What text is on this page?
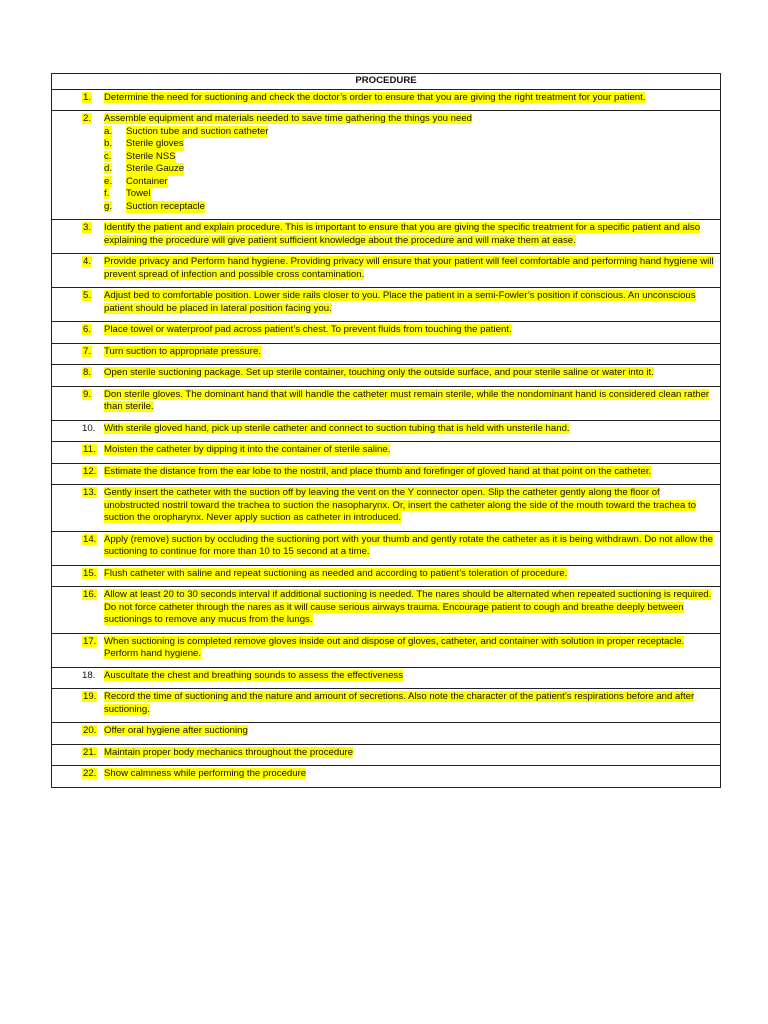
PROCEDURE

1.	Determine the need for suctioning and check the doctor’s order to ensure that you are giving the right treatment for your patient.

2.	Assemble equipment and materials needed to save time gathering the things you need
a.	Suction tube and suction catheter
b.	Sterile gloves
c.	Sterile NSS
d.	Sterile Gauze
e.	Container
f.	Towel
g.	Suction receptacle

3.	Identify the patient and explain procedure. This is important to ensure that you are giving the specific treatment for a specific patient and also explaining the procedure will give patient sufficient knowledge about the procedure and will make them at ease.

4.	Provide privacy and Perform hand hygiene. Providing privacy will ensure that your patient will feel comfortable and performing hand hygiene will prevent spread of infection and possible cross contamination.

5.	Adjust bed to comfortable position. Lower side rails closer to you. Place the patient in a semi-Fowler’s position if conscious. An unconscious patient should be placed in lateral position facing you.

6.	Place towel or waterproof pad across patient’s chest. To prevent fluids from touching the patient.

7.	Turn suction to appropriate pressure.

8.	Open sterile suctioning package. Set up sterile container, touching only the outside surface, and pour sterile saline or water into it.

9.	Don sterile gloves. The dominant hand that will handle the catheter must remain sterile, while the nondominant hand is considered clean rather than sterile.

10. With sterile gloved hand, pick up sterile catheter and connect to suction tubing that is held with unsterile hand.

11. Moisten the catheter by dipping it into the container of sterile saline.

12. Estimate the distance from the ear lobe to the nostril, and place thumb and forefinger of gloved hand at that point on the catheter.

13. Gently insert the catheter with the suction off by leaving the vent on the Y connector open. Slip the catheter gently along the floor of unobstructed nostril toward the trachea to suction the nasopharynx. Or, insert the catheter along the side of the mouth toward the trachea to suction the oropharynx. Never apply suction as catheter in introduced.

14. Apply (remove) suction by occluding the suctioning port with your thumb and gently rotate the catheter as it is being withdrawn. Do not allow the suctioning to continue for more than 10 to 15 second at a time.

15. Flush catheter with saline and repeat suctioning as needed and according to patient’s toleration of procedure.

16. Allow at least 20 to 30 seconds interval if additional suctioning is needed. The nares should be alternated when repeated suctioning is required. Do not force catheter through the nares as it will cause serious airways trauma. Encourage patient to cough and breathe deeply between suctionings to remove any mucus from the lungs.

17. When suctioning is completed remove gloves inside out and dispose of gloves, catheter, and container with solution in proper receptacle. Perform hand hygiene.

18. Auscultate the chest and breathing sounds to assess the effectiveness

19. Record the time of suctioning and the nature and amount of secretions. Also note the character of the patient’s respirations before and after suctioning.

20. Offer oral hygiene after suctioning

21. Maintain proper body mechanics throughout the procedure

22. Show calmness while performing the procedure
